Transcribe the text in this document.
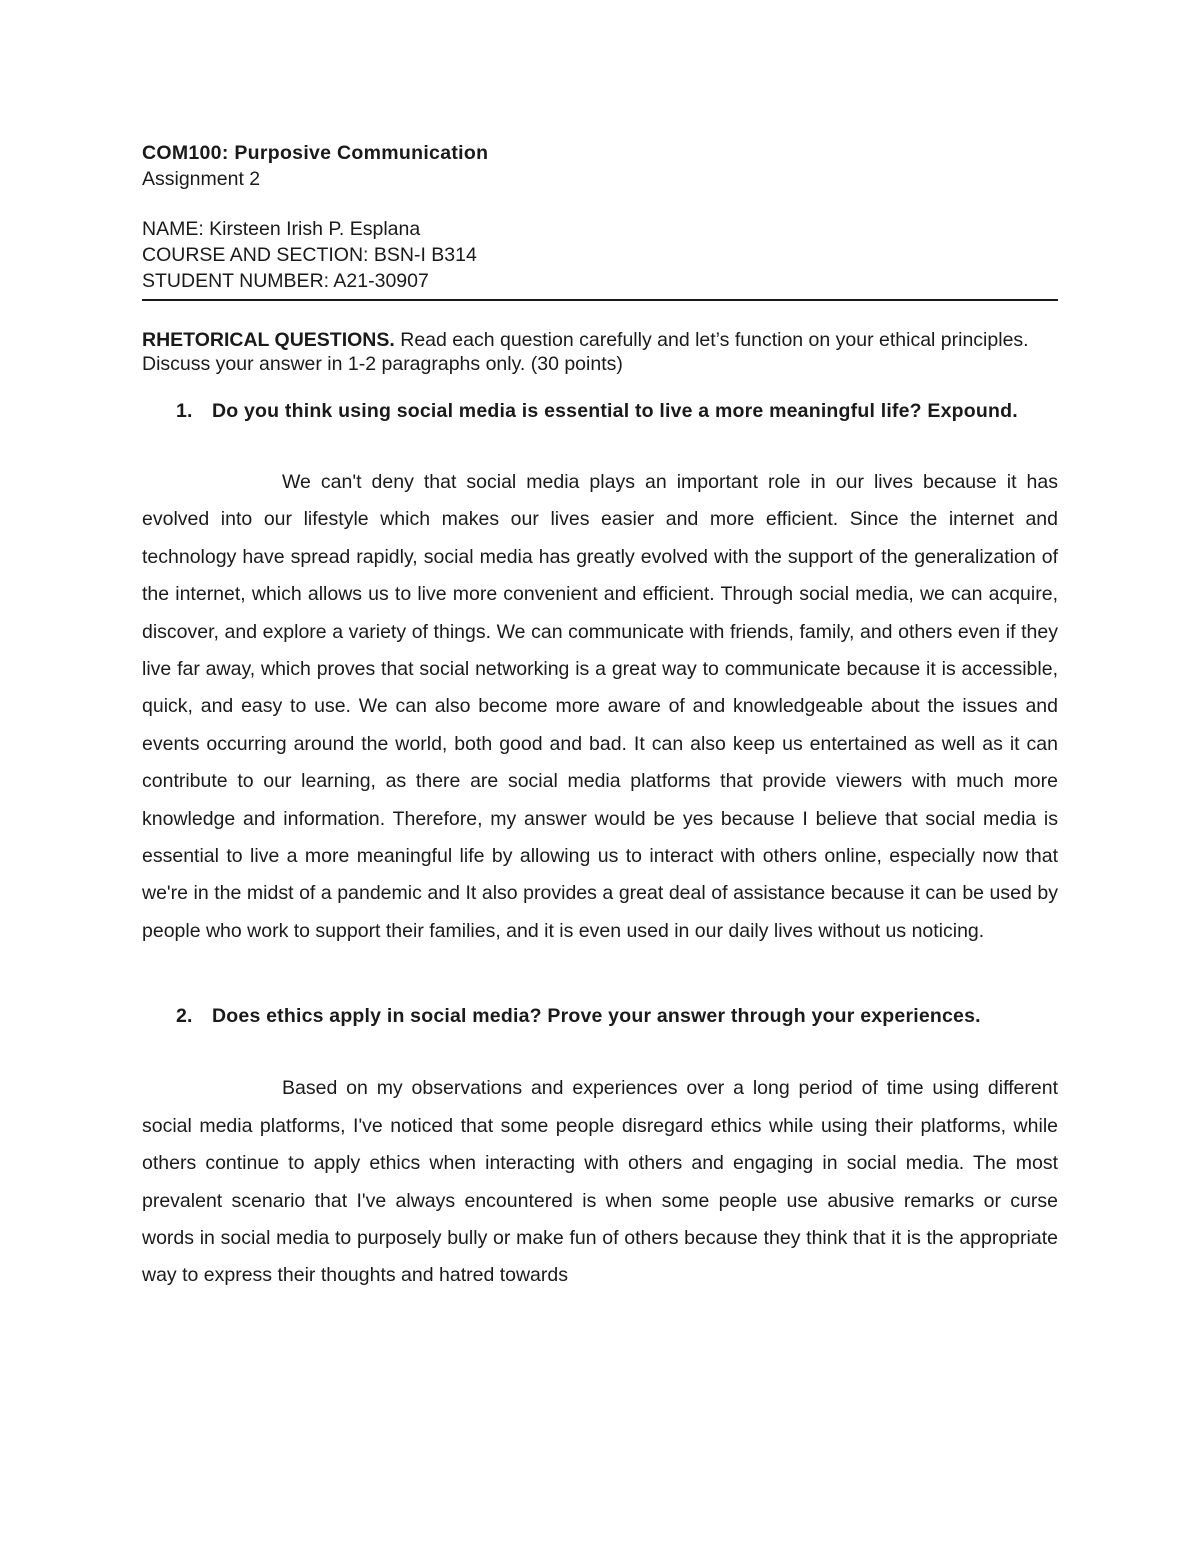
COM100: Purposive Communication

Assignment 2

NAME: Kirsteen Irish P. Esplana

COURSE AND SECTION: BSN-I B314

STUDENT NUMBER: A21-30907

RHETORICAL QUESTIONS. Read each question carefully and let’s function on your ethical principles. Discuss your answer in 1-2 paragraphs only. (30 points)

1. Do you think using social media is essential to live a more meaningful life? Expound.

We can't deny that social media plays an important role in our lives because it has evolved into our lifestyle which makes our lives easier and more efficient. Since the internet and technology have spread rapidly, social media has greatly evolved with the support of the generalization of the internet, which allows us to live more convenient and efficient. Through social media, we can acquire, discover, and explore a variety of things. We can communicate with friends, family, and others even if they live far away, which proves that social networking is a great way to communicate because it is accessible, quick, and easy to use. We can also become more aware of and knowledgeable about the issues and events occurring around the world, both good and bad. It can also keep us entertained as well as it can contribute to our learning, as there are social media platforms that provide viewers with much more knowledge and information. Therefore, my answer would be yes because I believe that social media is essential to live a more meaningful life by allowing us to interact with others online, especially now that we're in the midst of a pandemic and It also provides a great deal of assistance because it can be used by people who work to support their families, and it is even used in our daily lives without us noticing.

2. Does ethics apply in social media? Prove your answer through your experiences.

Based on my observations and experiences over a long period of time using different social media platforms, I've noticed that some people disregard ethics while using their platforms, while others continue to apply ethics when interacting with others and engaging in social media. The most prevalent scenario that I've always encountered is when some people use abusive remarks or curse words in social media to purposely bully or make fun of others because they think that it is the appropriate way to express their thoughts and hatred towards
